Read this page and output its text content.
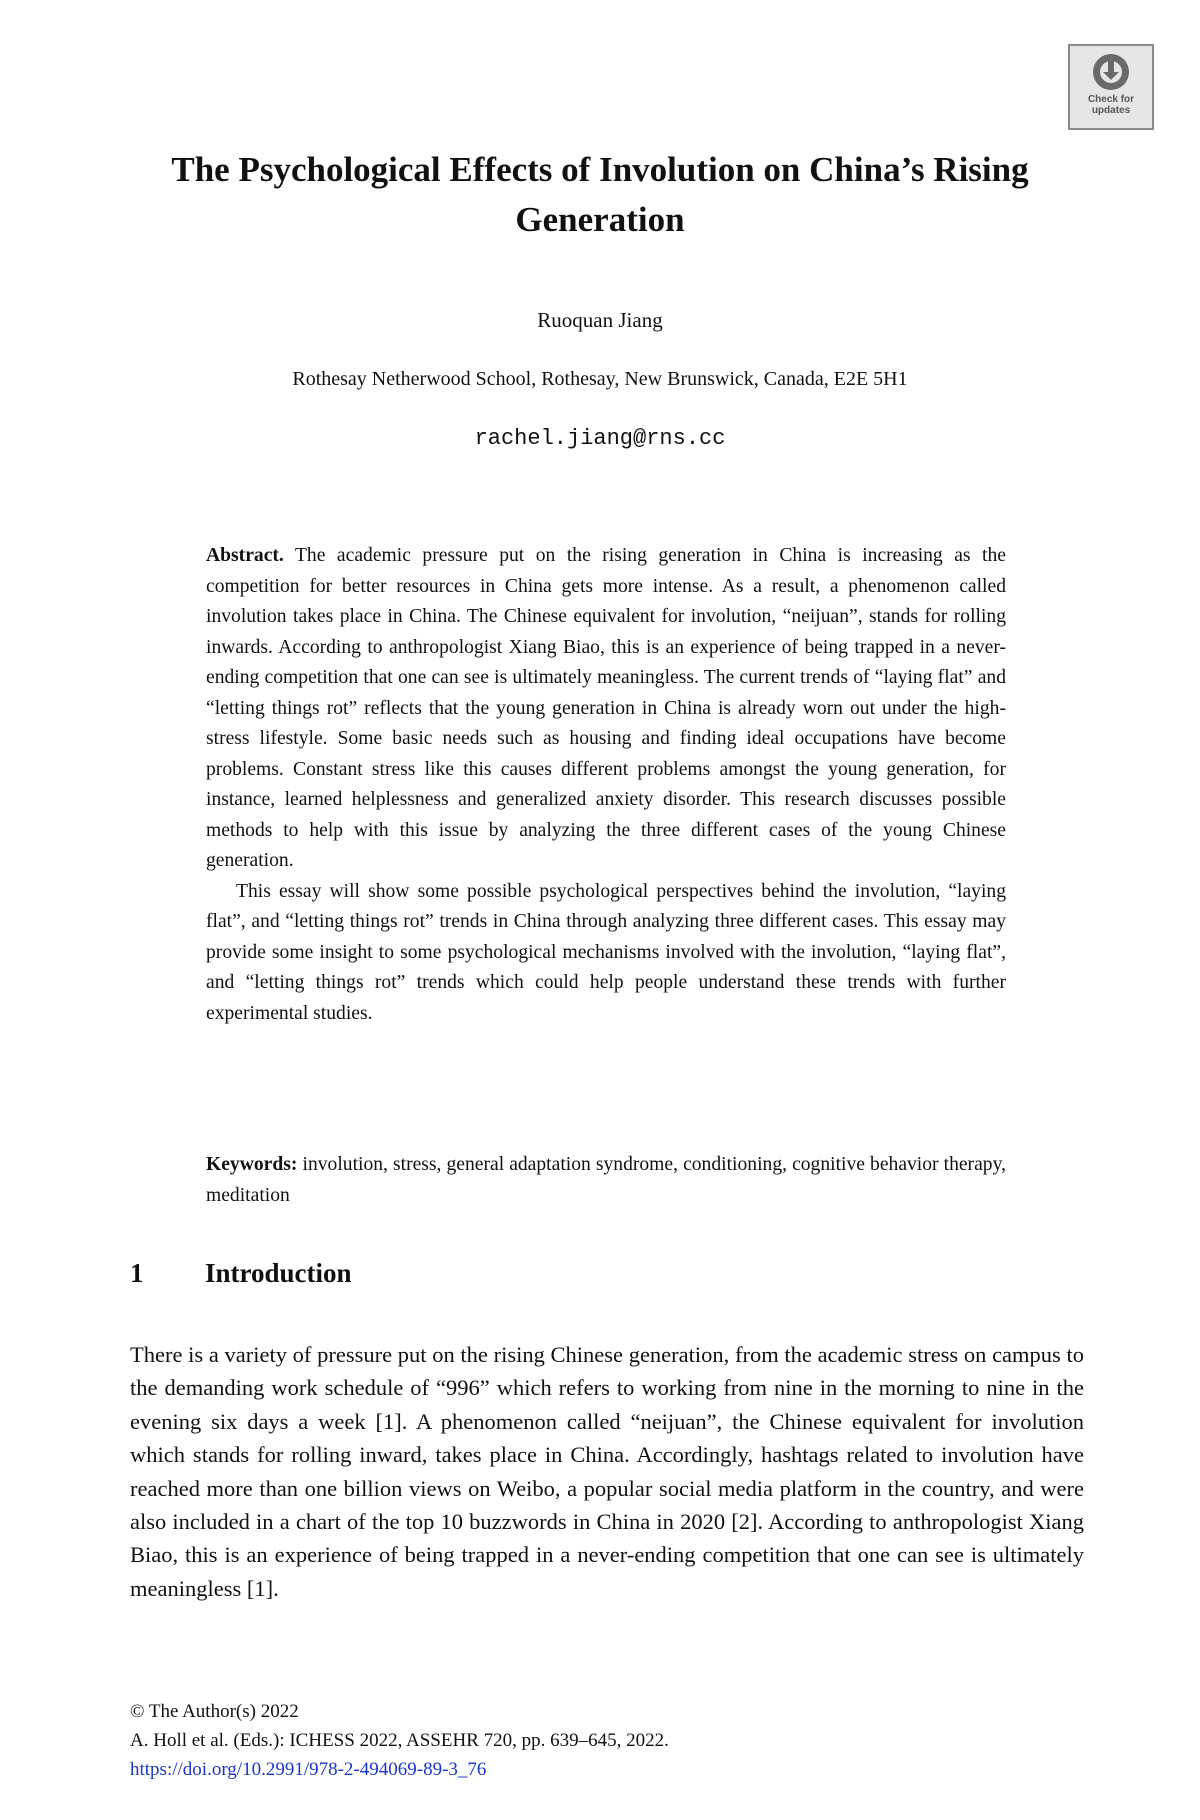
Check for updates
The Psychological Effects of Involution on China’s Rising Generation

Ruoquan Jiang

Rothesay Netherwood School, Rothesay, New Brunswick, Canada, E2E 5H1

rachel.jiang@rns.cc

Abstract. The academic pressure put on the rising generation in China is increasing as the competition for better resources in China gets more intense. As a result, a phenomenon called involution takes place in China. The Chinese equivalent for involution, “neijuan”, stands for rolling inwards. According to anthropologist Xiang Biao, this is an experience of being trapped in a never-ending competition that one can see is ultimately meaningless. The current trends of “laying flat” and “letting things rot” reflects that the young generation in China is already worn out under the high-stress lifestyle. Some basic needs such as housing and finding ideal occupations have become problems. Constant stress like this causes different problems amongst the young generation, for instance, learned helplessness and generalized anxiety disorder. This research discusses possible methods to help with this issue by analyzing the three different cases of the young Chinese generation.

This essay will show some possible psychological perspectives behind the involution, “laying flat”, and “letting things rot” trends in China through analyzing three different cases. This essay may provide some insight to some psychological mechanisms involved with the involution, “laying flat”, and “letting things rot” trends which could help people understand these trends with further experimental studies.

Keywords: involution, stress, general adaptation syndrome, conditioning, cognitive behavior therapy, meditation

1	Introduction

There is a variety of pressure put on the rising Chinese generation, from the academic stress on campus to the demanding work schedule of “996” which refers to working from nine in the morning to nine in the evening six days a week [1]. A phenomenon called “neijuan”, the Chinese equivalent for involution which stands for rolling inward, takes place in China. Accordingly, hashtags related to involution have reached more than one billion views on Weibo, a popular social media platform in the country, and were also included in a chart of the top 10 buzzwords in China in 2020 [2]. According to anthropologist Xiang Biao, this is an experience of being trapped in a never-ending competition that one can see is ultimately meaningless [1].

© The Author(s) 2022
A. Holl et al. (Eds.): ICHESS 2022, ASSEHR 720, pp. 639–645, 2022.
https://doi.org/10.2991/978-2-494069-89-3_76
